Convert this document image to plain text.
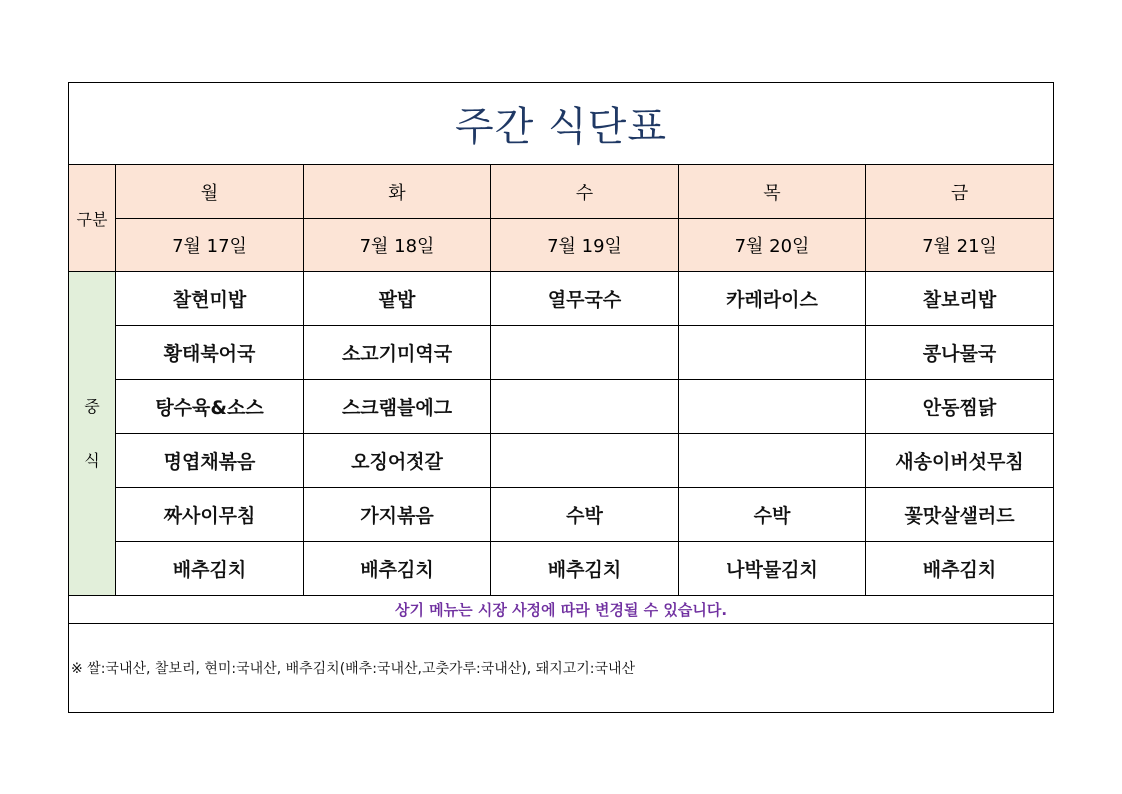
주간 식단표					
구분	월	화	수	목	금
	7월 17일	7월 18일	7월 19일	7월 20일	7월 21일

중
식	찰현미밥	팥밥	열무국수	카레라이스	찰보리밥
	황태북어국	소고기미역국			콩나물국
	탕수육&소스	스크램블에그			안동찜닭
	명엽채볶음	오징어젓갈			새송이버섯무침
	짜사이무침	가지볶음	수박	수박	꽃맛살샐러드
	배추김치	배추김치	배추김치	나박물김치	배추김치
상기 메뉴는 시장 사정에 따라 변경될 수 있습니다.					
※ 쌀:국내산, 찰보리, 현미:국내산, 배추김치(배추:국내산,고춧가루:국내산), 돼지고기:국내산					
